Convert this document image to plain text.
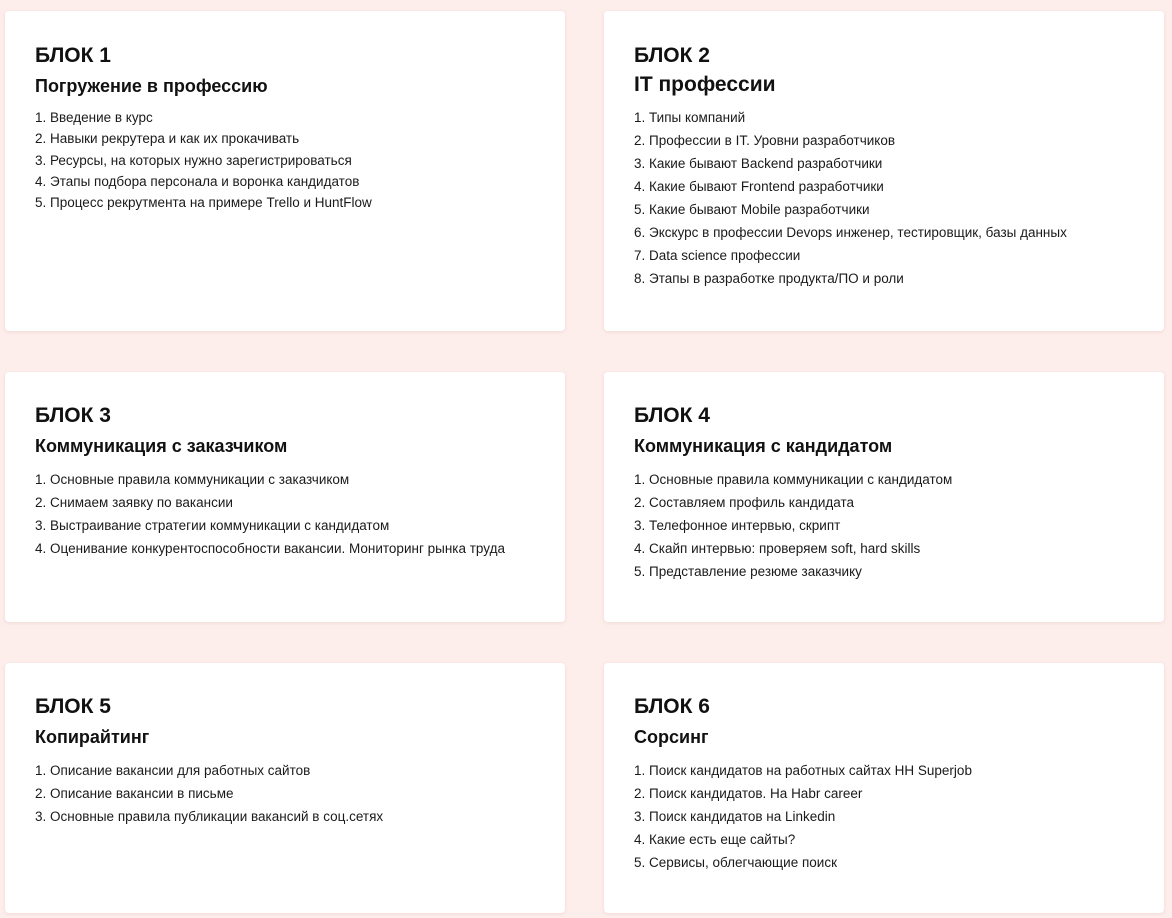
БЛОК 1
Погружение в профессию
1. Введение в курс
2. Навыки рекрутера и как их прокачивать
3. Ресурсы, на которых нужно зарегистрироваться
4. Этапы подбора персонала и воронка кандидатов
5. Процесс рекрутмента на примере Trello и HuntFlow
БЛОК 2
IT профессии
1. Типы компаний
2. Профессии в IT. Уровни разработчиков
3. Какие бывают Backend разработчики
4. Какие бывают Frontend разработчики
5. Какие бывают Mobile разработчики
6. Экскурс в профессии Devops инженер, тестировщик, базы данных
7. Data science профессии
8. Этапы в разработке продукта/ПО и роли
БЛОК 3
Коммуникация с заказчиком
1. Основные правила коммуникации с заказчиком
2. Снимаем заявку по вакансии
3. Выстраивание стратегии коммуникации с кандидатом
4. Оценивание конкурентоспособности вакансии. Мониторинг рынка труда
БЛОК 4
Коммуникация с кандидатом
1. Основные правила коммуникации с кандидатом
2. Составляем профиль кандидата
3. Телефонное интервью, скрипт
4. Скайп интервью: проверяем soft, hard skills
5. Представление резюме заказчику
БЛОК 5
Копирайтинг
1. Описание вакансии для работных сайтов
2. Описание вакансии в письме
3. Основные правила публикации вакансий в соц.сетях
БЛОК 6
Сорсинг
1. Поиск кандидатов на работных сайтах HH Superjob
2. Поиск кандидатов. На Habr career
3. Поиск кандидатов на Linkedin
4. Какие есть еще сайты?
5. Сервисы, облегчающие поиск
